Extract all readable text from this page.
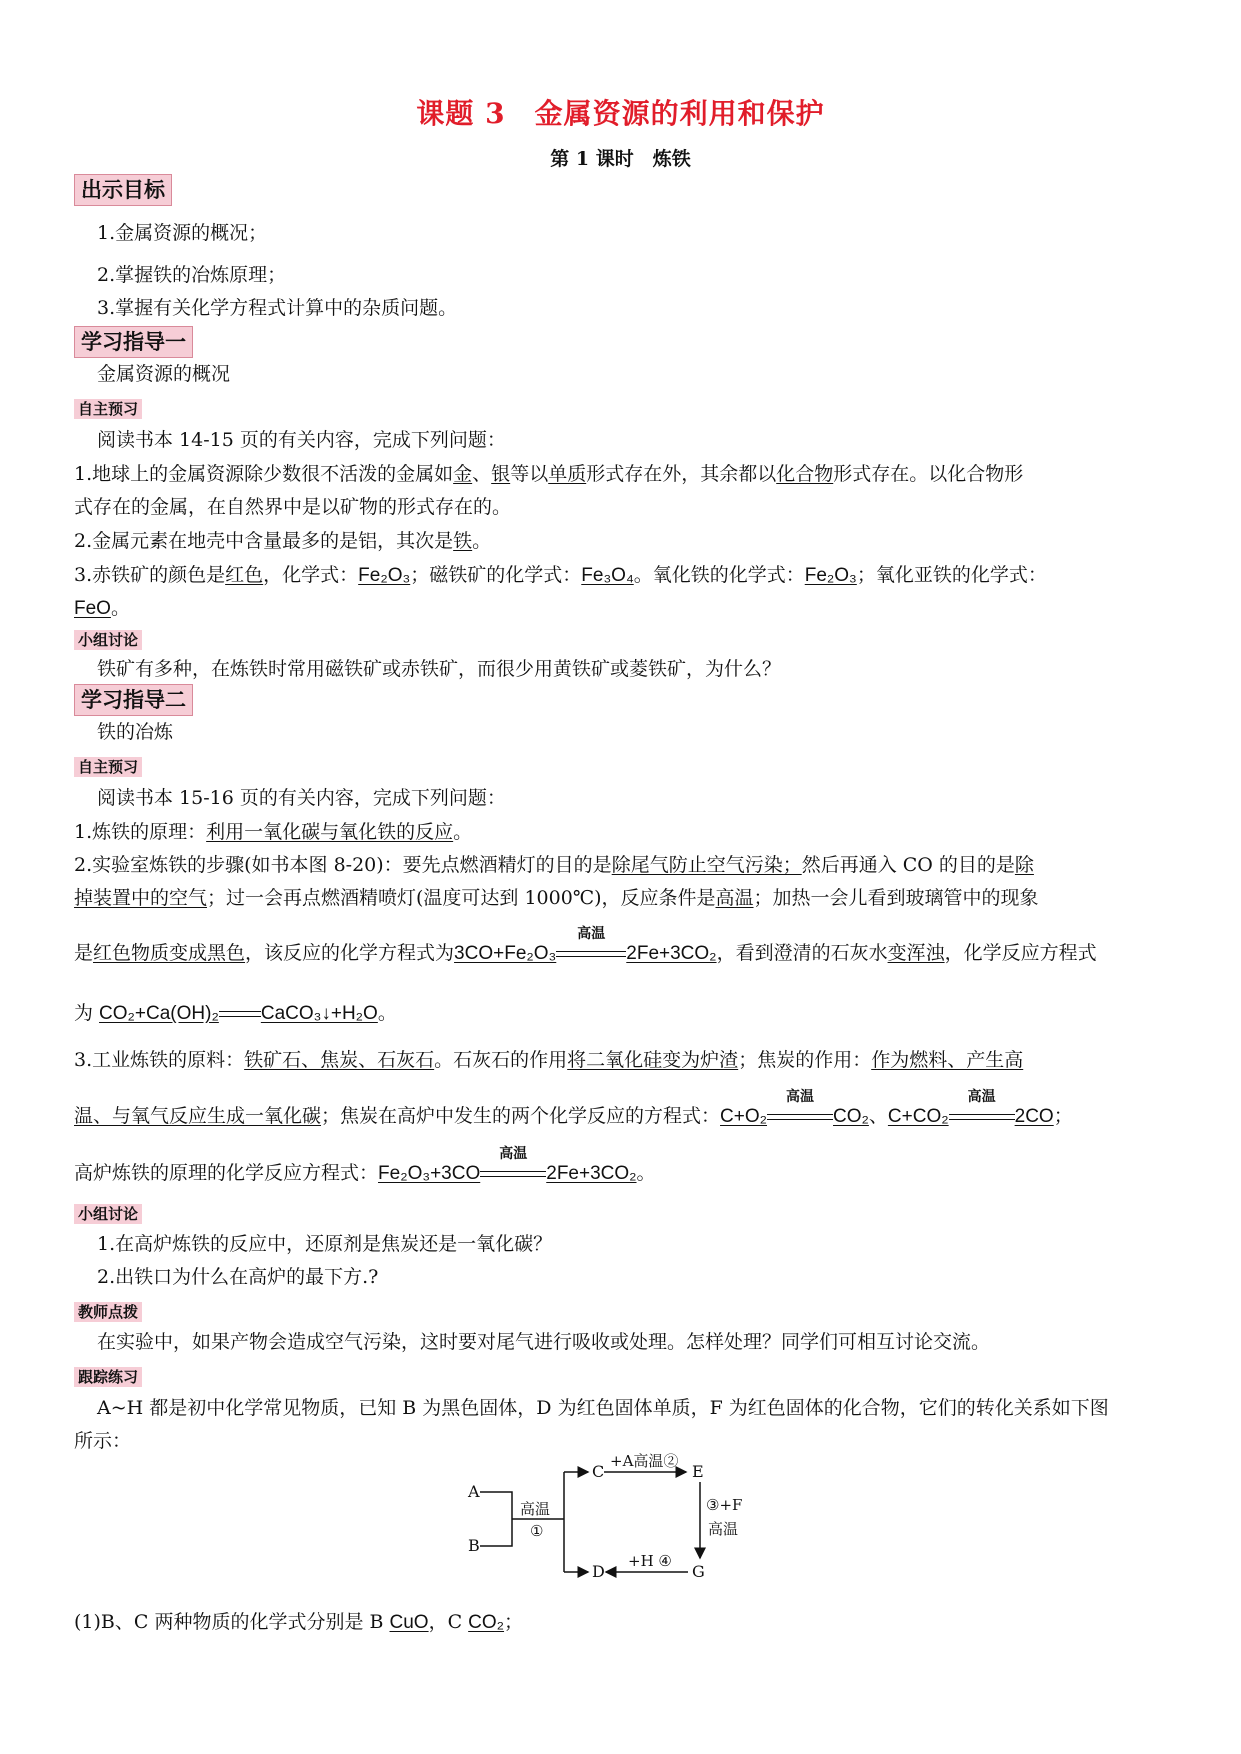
课题 3　金属资源的利用和保护
第 1 课时　炼铁
出示目标
1.金属资源的概况；
2.掌握铁的冶炼原理；
3.掌握有关化学方程式计算中的杂质问题。
学习指导一
金属资源的概况
自主预习
阅读书本 14-15 页的有关内容，完成下列问题：
1.地球上的金属资源除少数很不活泼的金属如金、银等以单质形式存在外，其余都以化合物形式存在。以化合物形
式存在的金属，在自然界中是以矿物的形式存在的。
2.金属元素在地壳中含量最多的是铝，其次是铁。
3.赤铁矿的颜色是红色，化学式：Fe₂O₃；磁铁矿的化学式：Fe₃O₄。氧化铁的化学式：Fe₂O₃；氧化亚铁的化学式：
FeO。
小组讨论
铁矿有多种，在炼铁时常用磁铁矿或赤铁矿，而很少用黄铁矿或菱铁矿，为什么？
学习指导二
铁的冶炼
自主预习
阅读书本 15-16 页的有关内容，完成下列问题：
1.炼铁的原理：利用一氧化碳与氧化铁的反应。
2.实验室炼铁的步骤(如书本图 8-20)：要先点燃酒精灯的目的是除尾气防止空气污染；然后再通入 CO 的目的是除
掉装置中的空气；过一会再点燃酒精喷灯(温度可达到 1000℃)，反应条件是高温；加热一会儿看到玻璃管中的现象
是红色物质变成黑色，该反应的化学方程式为3CO+Fe₂O₃
高温
2Fe+3CO₂，看到澄清的石灰水变浑浊，化学反应方程式
为 CO₂+Ca(OH)₂ CaCO₃↓+H₂O。
3.工业炼铁的原料：铁矿石、焦炭、石灰石。石灰石的作用将二氧化硅变为炉渣；焦炭的作用：作为燃料、产生高
温、与氧气反应生成一氧化碳；焦炭在高炉中发生的两个化学反应的方程式：C+O₂
高温
CO₂、C+CO₂
高温
2CO；
高炉炼铁的原理的化学反应方程式：Fe₂O₃+3CO
高温
2Fe+3CO₂。
小组讨论
1.在高炉炼铁的反应中，还原剂是焦炭还是一氧化碳？
2.出铁口为什么在高炉的最下方.?
教师点拨
在实验中，如果产物会造成空气污染，这时要对尾气进行吸收或处理。怎样处理？同学们可相互讨论交流。
跟踪练习
A~H 都是初中化学常见物质，已知 B 为黑色固体，D 为红色固体单质，F 为红色固体的化合物，它们的转化关系如下图
所示：
A
B
C	E
G
D
高温
①
+A高温②
③+F
高温
+H ④
(1)B、C 两种物质的化学式分别是 B CuO，C CO₂；
